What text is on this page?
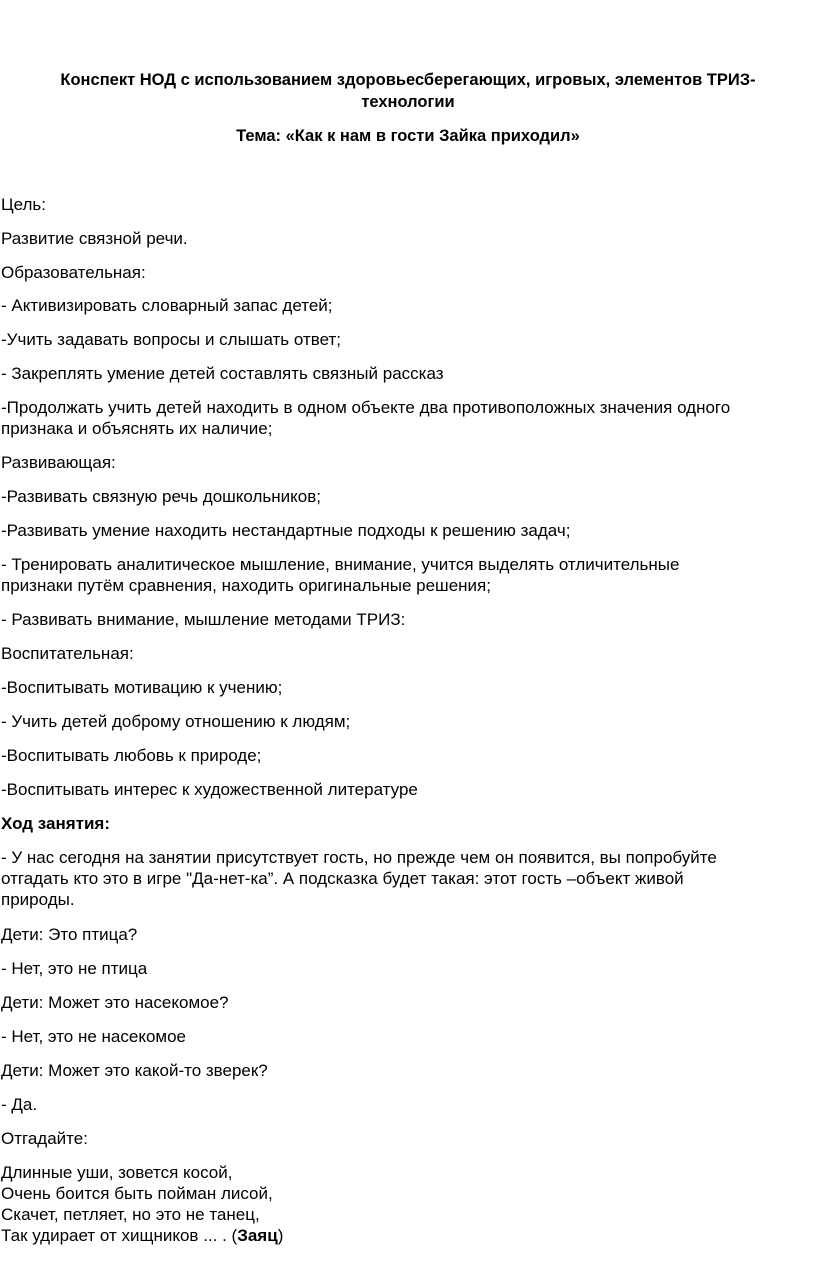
Конспект НОД с использованием здоровьесберегающих, игровых, элементов ТРИЗ-
технологии
Тема: «Как к нам в гости Зайка приходил»
Цель:
Развитие связной речи.
Образовательная:
- Активизировать словарный запас детей;
-Учить задавать вопросы и слышать ответ;
- Закреплять умение детей составлять связный рассказ
-Продолжать учить детей находить в одном объекте два противоположных значения одного
признака и объяснять их наличие;
Развивающая:
-Развивать связную речь дошкольников;
-Развивать умение находить нестандартные подходы к решению задач;
- Тренировать аналитическое мышление, внимание, учится выделять отличительные
признаки путём сравнения, находить оригинальные решения;
- Развивать внимание, мышление методами ТРИЗ:
Воспитательная:
-Воспитывать мотивацию к учению;
- Учить детей доброму отношению к людям;
-Воспитывать любовь к природе;
-Воспитывать интерес к художественной литературе
Ход занятия:
- У нас сегодня на занятии присутствует гость, но прежде чем он появится, вы попробуйте
отгадать кто это в игре "Да-нет-ка”. А подсказка будет такая: этот гость –объект живой
природы.
Дети: Это птица?
- Нет, это не птица
Дети: Может это насекомое?
- Нет, это не насекомое
Дети: Может это какой-то зверек?
- Да.
Отгадайте:
Длинные уши, зовется косой,
Очень боится быть пойман лисой,
Скачет, петляет, но это не танец,
Так удирает от хищников ... . (Заяц)
